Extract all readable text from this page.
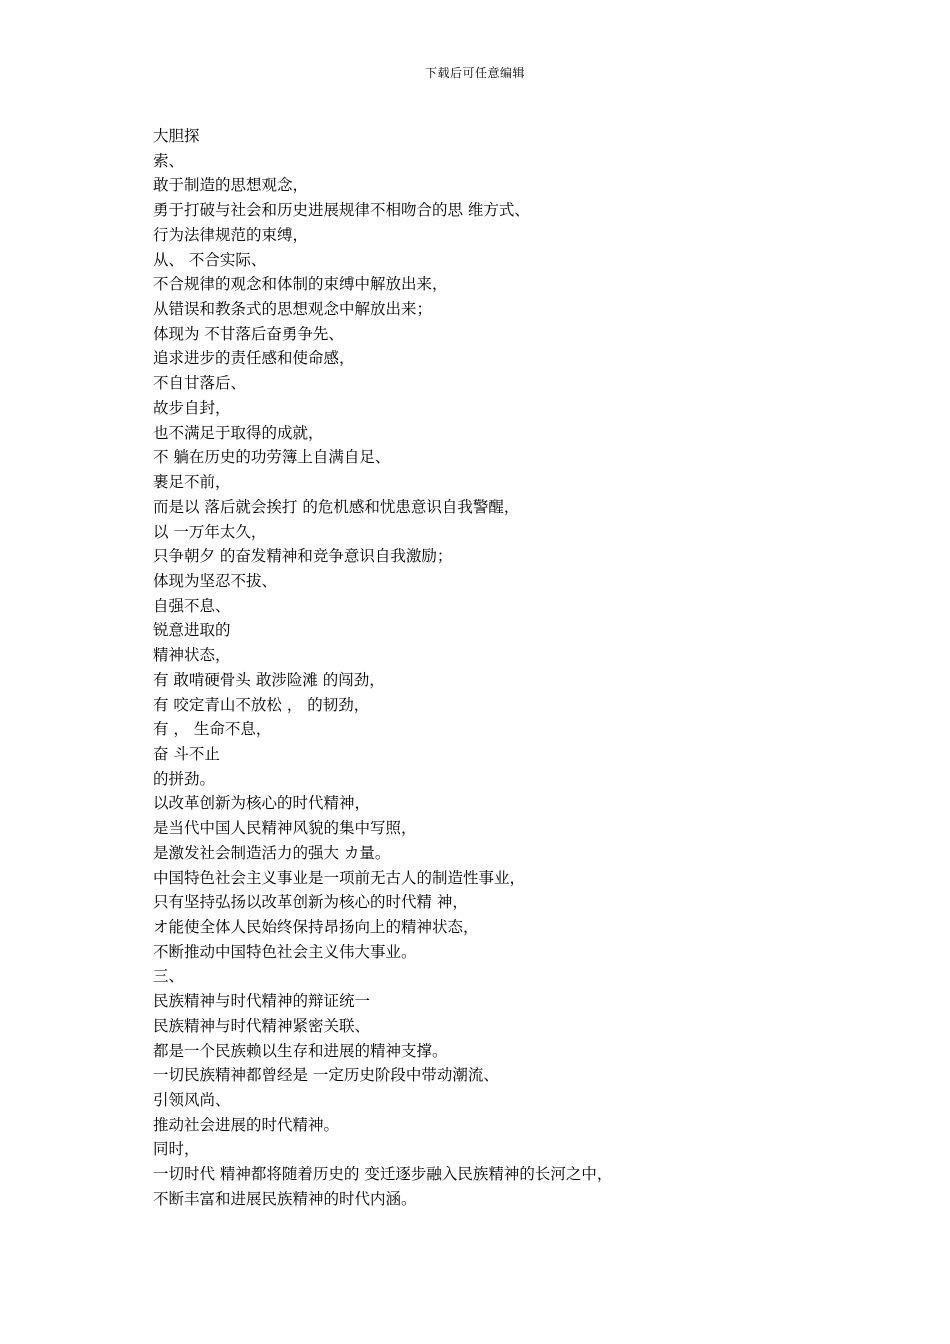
下载后可任意编辑
大胆探
索、
敢于制造的思想观念，
勇于打破与社会和历史进展规律不相吻合的思 维方式、
行为法律规范的束缚，
从、 不合实际、
不合规律的观念和体制的束缚中解放出来，
从错误和教条式的思想观念中解放出来；
体现为 不甘落后奋勇争先、
追求进步的责任感和使命感，
不自甘落后、
故步自封，
也不满足于取得的成就，
不 躺在历史的功劳簿上自满自足、
裹足不前，
而是以 落后就会挨打 的危机感和忧患意识自我警醒，
以 一万年太久，
只争朝夕 的奋发精神和竞争意识自我激励；
体现为坚忍不拔、
自强不息、
锐意进取的
精神状态，
有 敢啃硬骨头 敢涉险滩 的闯劲，
有 咬定青山不放松 ， 的韧劲，
有 ， 生命不息，
奋 斗不止
的拼劲。
以改革创新为核心的时代精神，
是当代中国人民精神风貌的集中写照，
是激发社会制造活力的强大 カ量。
中国特色社会主义事业是一项前无古人的制造性事业，
只有坚持弘扬以改革创新为核心的时代精 神，
オ能使全体人民始终保持昂扬向上的精神状态，
不断推动中国特色社会主义伟大事业。
三、
民族精神与时代精神的辩证统一
民族精神与时代精神紧密关联、
都是一个民族赖以生存和进展的精神支撑。
一切民族精神都曾经是 一定历史阶段中带动潮流、
引领风尚、
推动社会进展的时代精神。
同时，
一切时代 精神都将随着历史的 变迁逐步融入民族精神的长河之中，
不断丰富和进展民族精神的时代内涵。
